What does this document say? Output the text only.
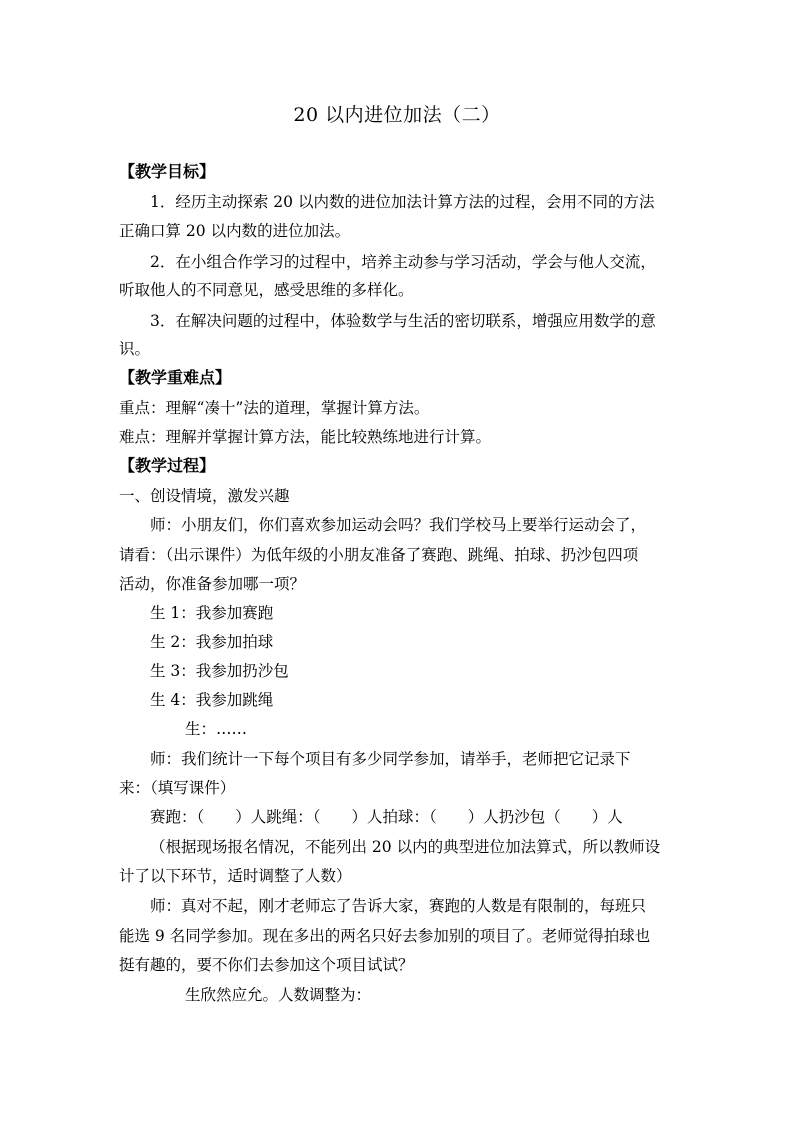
20 以内进位加法（二）
【教学目标】
1．经历主动探索 20 以内数的进位加法计算方法的过程，会用不同的方法
正确口算 20 以内数的进位加法。
2．在小组合作学习的过程中，培养主动参与学习活动，学会与他人交流，
听取他人的不同意见，感受思维的多样化。
3．在解决问题的过程中，体验数学与生活的密切联系，增强应用数学的意
识。
【教学重难点】
重点：理解“凑十”法的道理，掌握计算方法。
难点：理解并掌握计算方法，能比较熟练地进行计算。
【教学过程】
一、创设情境，激发兴趣
师：小朋友们，你们喜欢参加运动会吗？我们学校马上要举行运动会了，
请看：（出示课件）为低年级的小朋友准备了赛跑、跳绳、拍球、扔沙包四项
活动，你准备参加哪一项？
生 1：我参加赛跑
生 2：我参加拍球
生 3：我参加扔沙包
生 4：我参加跳绳
生：……
师：我们统计一下每个项目有多少同学参加，请举手，老师把它记录下
来：（填写课件）
赛跑：（　　）人跳绳：（　　）人拍球：（　　）人扔沙包（　　）人
（根据现场报名情况，不能列出 20 以内的典型进位加法算式，所以教师设
计了以下环节，适时调整了人数）
师：真对不起，刚才老师忘了告诉大家，赛跑的人数是有限制的，每班只
能选 9 名同学参加。现在多出的两名只好去参加别的项目了。老师觉得拍球也
挺有趣的，要不你们去参加这个项目试试？
生欣然应允。人数调整为：
